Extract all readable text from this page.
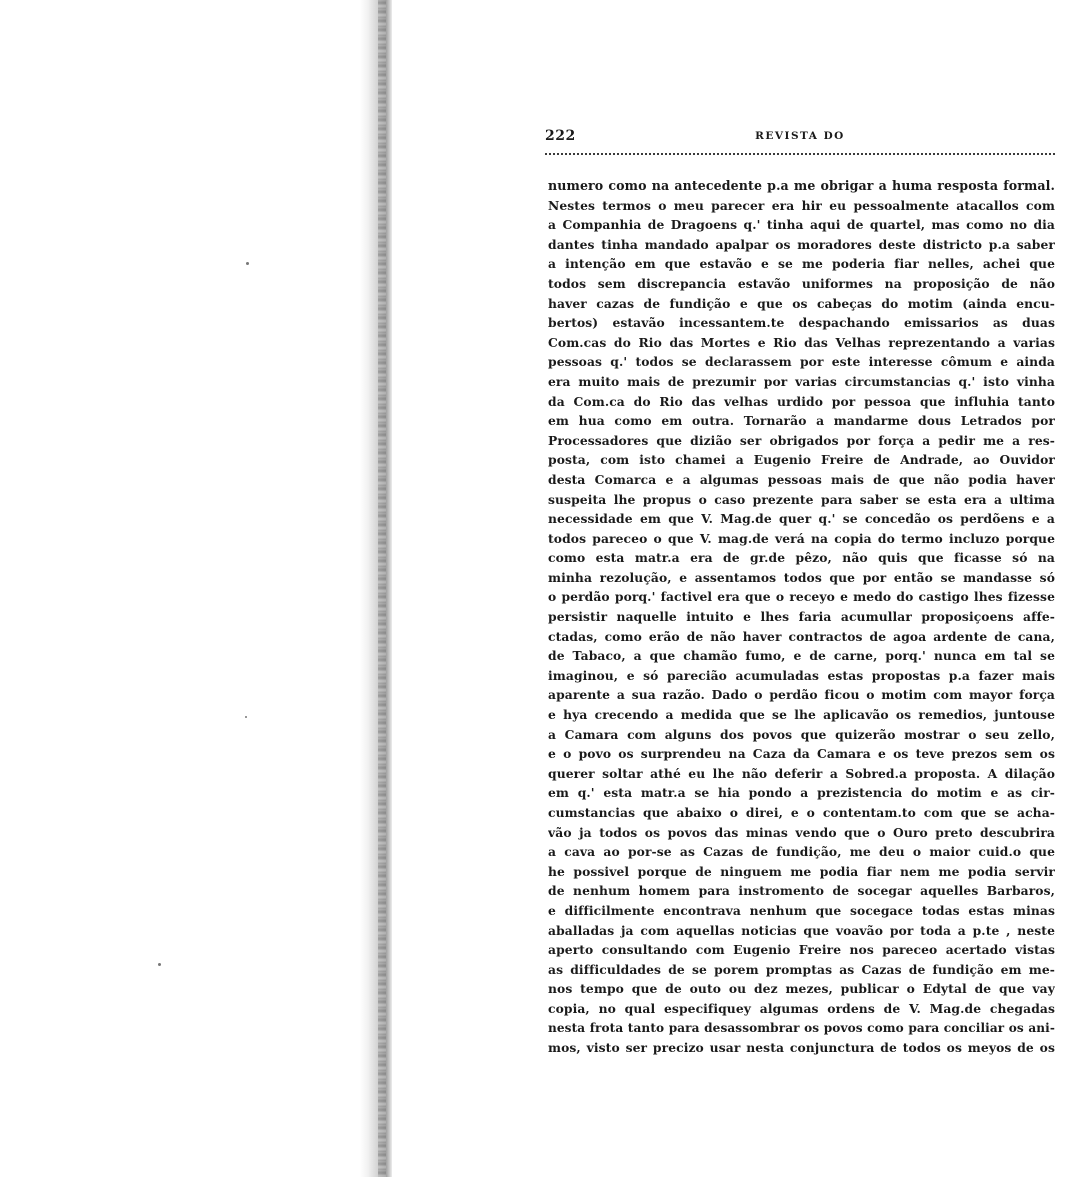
222	REVISTA DO
numero como na antecedente p.a me obrigar a huma resposta formal.
Nestes termos o meu parecer era hir eu pessoalmente atacallos com
a Companhia de Dragoens q.' tinha aqui de quartel, mas como no dia
dantes tinha mandado apalpar os moradores deste districto p.a saber
a intenção em que estavão e se me poderia fiar nelles, achei que
todos sem discrepancia estavão uniformes na proposição de não
haver cazas de fundição e que os cabeças do motim (ainda encu-
bertos) estavão incessantem.te despachando emissarios as duas
Com.cas do Rio das Mortes e Rio das Velhas reprezentando a varias
pessoas q.' todos se declarassem por este interesse cômum e ainda
era muito mais de prezumir por varias circumstancias q.' isto vinha
da Com.ca do Rio das velhas urdido por pessoa que influhia tanto
em hua como em outra. Tornarão a mandarme dous Letrados por
Processadores que dizião ser obrigados por força a pedir me a res-
posta, com isto chamei a Eugenio Freire de Andrade, ao Ouvidor
desta Comarca e a algumas pessoas mais de que não podia haver
suspeita lhe propus o caso prezente para saber se esta era a ultima
necessidade em que V. Mag.de quer q.' se concedão os perdõens e a
todos pareceo o que V. mag.de verá na copia do termo incluzo porque
como esta matr.a era de gr.de pêzo, não quis que ficasse só na
minha rezolução, e assentamos todos que por então se mandasse só
o perdão porq.' factivel era que o receyo e medo do castigo lhes fizesse
persistir naquelle intuito e lhes faria acumullar proposiçoens affe-
ctadas, como erão de não haver contractos de agoa ardente de cana,
de Tabaco, a que chamão fumo, e de carne, porq.' nunca em tal se
imaginou, e só parecião acumuladas estas propostas p.a fazer mais
aparente a sua razão. Dado o perdão ficou o motim com mayor força
e hya crecendo a medida que se lhe aplicavão os remedios, juntouse
a Camara com alguns dos povos que quizerão mostrar o seu zello,
e o povo os surprendeu na Caza da Camara e os teve prezos sem os
querer soltar athé eu lhe não deferir a Sobred.a proposta. A dilação
em q.' esta matr.a se hia pondo a prezistencia do motim e as cir-
cumstancias que abaixo o direi, e o contentam.to com que se acha-
vão ja todos os povos das minas vendo que o Ouro preto descubrira
a cava ao por-se as Cazas de fundição, me deu o maior cuid.o que
he possivel porque de ninguem me podia fiar nem me podia servir
de nenhum homem para instromento de socegar aquelles Barbaros,
e difficilmente encontrava nenhum que socegace todas estas minas
aballadas ja com aquellas noticias que voavão por toda a p.te , neste
aperto consultando com Eugenio Freire nos pareceo acertado vistas
as difficuldades de se porem promptas as Cazas de fundição em me-
nos tempo que de outo ou dez mezes, publicar o Edytal de que vay
copia, no qual especifiquey algumas ordens de V. Mag.de chegadas
nesta frota tanto para desassombrar os povos como para conciliar os ani-
mos, visto ser precizo usar nesta conjunctura de todos os meyos de os
